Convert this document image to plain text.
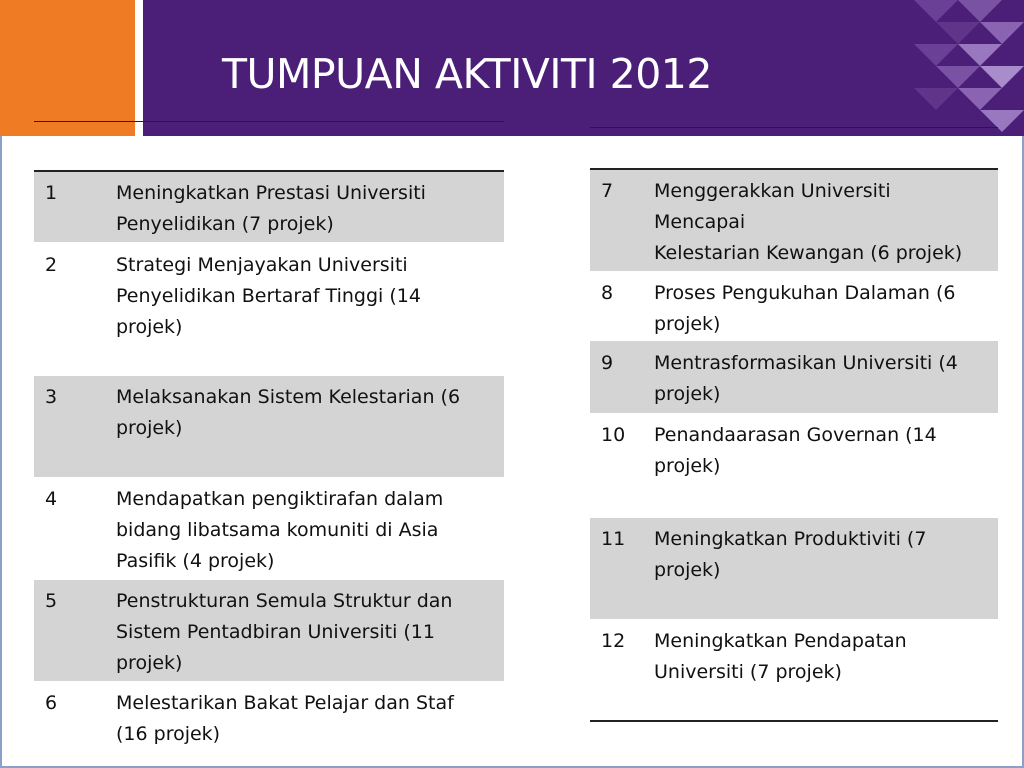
TUMPUAN AKTIVITI 2012
1	Meningkatkan Prestasi Universiti
Penyelidikan (7 projek)
2	Strategi Menjayakan Universiti
Penyelidikan Bertaraf Tinggi (14
projek)
3	Melaksanakan Sistem Kelestarian (6
projek)
4	Mendapatkan pengiktirafan dalam
bidang libatsama komuniti di Asia
Pasifik (4 projek)
5	Penstrukturan Semula Struktur dan
Sistem Pentadbiran Universiti (11
projek)
6	Melestarikan Bakat Pelajar dan Staf
(16 projek)
7	Menggerakkan Universiti
Mencapai
Kelestarian Kewangan (6 projek)
8	Proses Pengukuhan Dalaman (6
projek)
9	Mentrasformasikan Universiti (4
projek)
10	Penandaarasan Governan (14
projek)
11	Meningkatkan Produktiviti (7
projek)
12	Meningkatkan Pendapatan
Universiti (7 projek)
